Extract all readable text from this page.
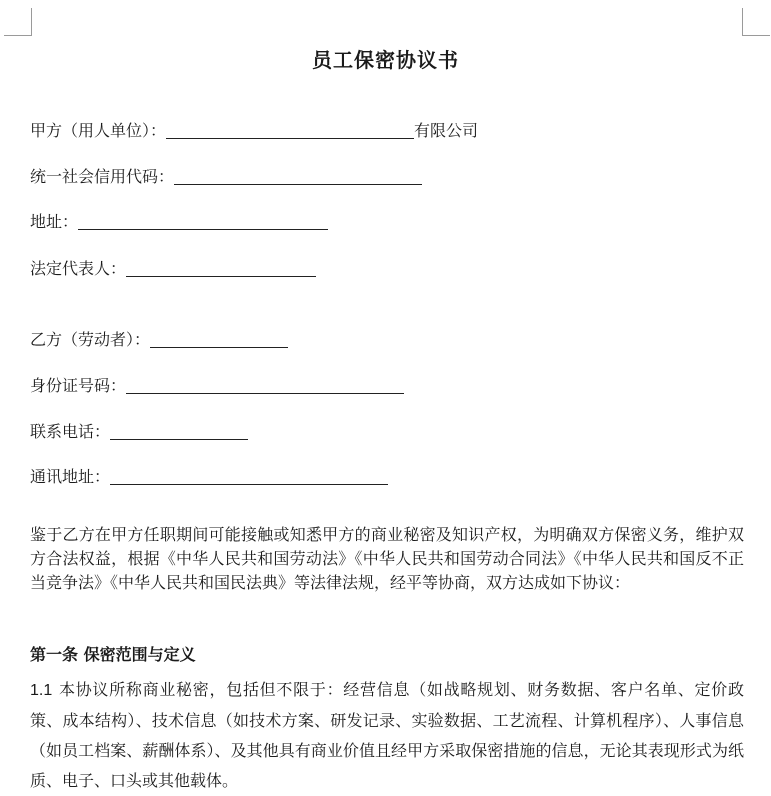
员工保密协议书
甲方（用人单位）：	有限公司
统一社会信用代码：
地址：
法定代表人：
乙方（劳动者）：
身份证号码：
联系电话：
通讯地址：
鉴于乙方在甲方任职期间可能接触或知悉甲方的商业秘密及知识产权，为明确双方保密义务，维护双方合法权益，根据《中华人民共和国劳动法》《中华人民共和国劳动合同法》《中华人民共和国反不正当竞争法》《中华人民共和国民法典》等法律法规，经平等协商，双方达成如下协议：
第一条 保密范围与定义
1.1 本协议所称商业秘密，包括但不限于：经营信息（如战略规划、财务数据、客户名单、定价政策、成本结构）、技术信息（如技术方案、研发记录、实验数据、工艺流程、计算机程序）、人事信息（如员工档案、薪酬体系）、及其他具有商业价值且经甲方采取保密措施的信息，无论其表现形式为纸质、电子、口头或其他载体。
